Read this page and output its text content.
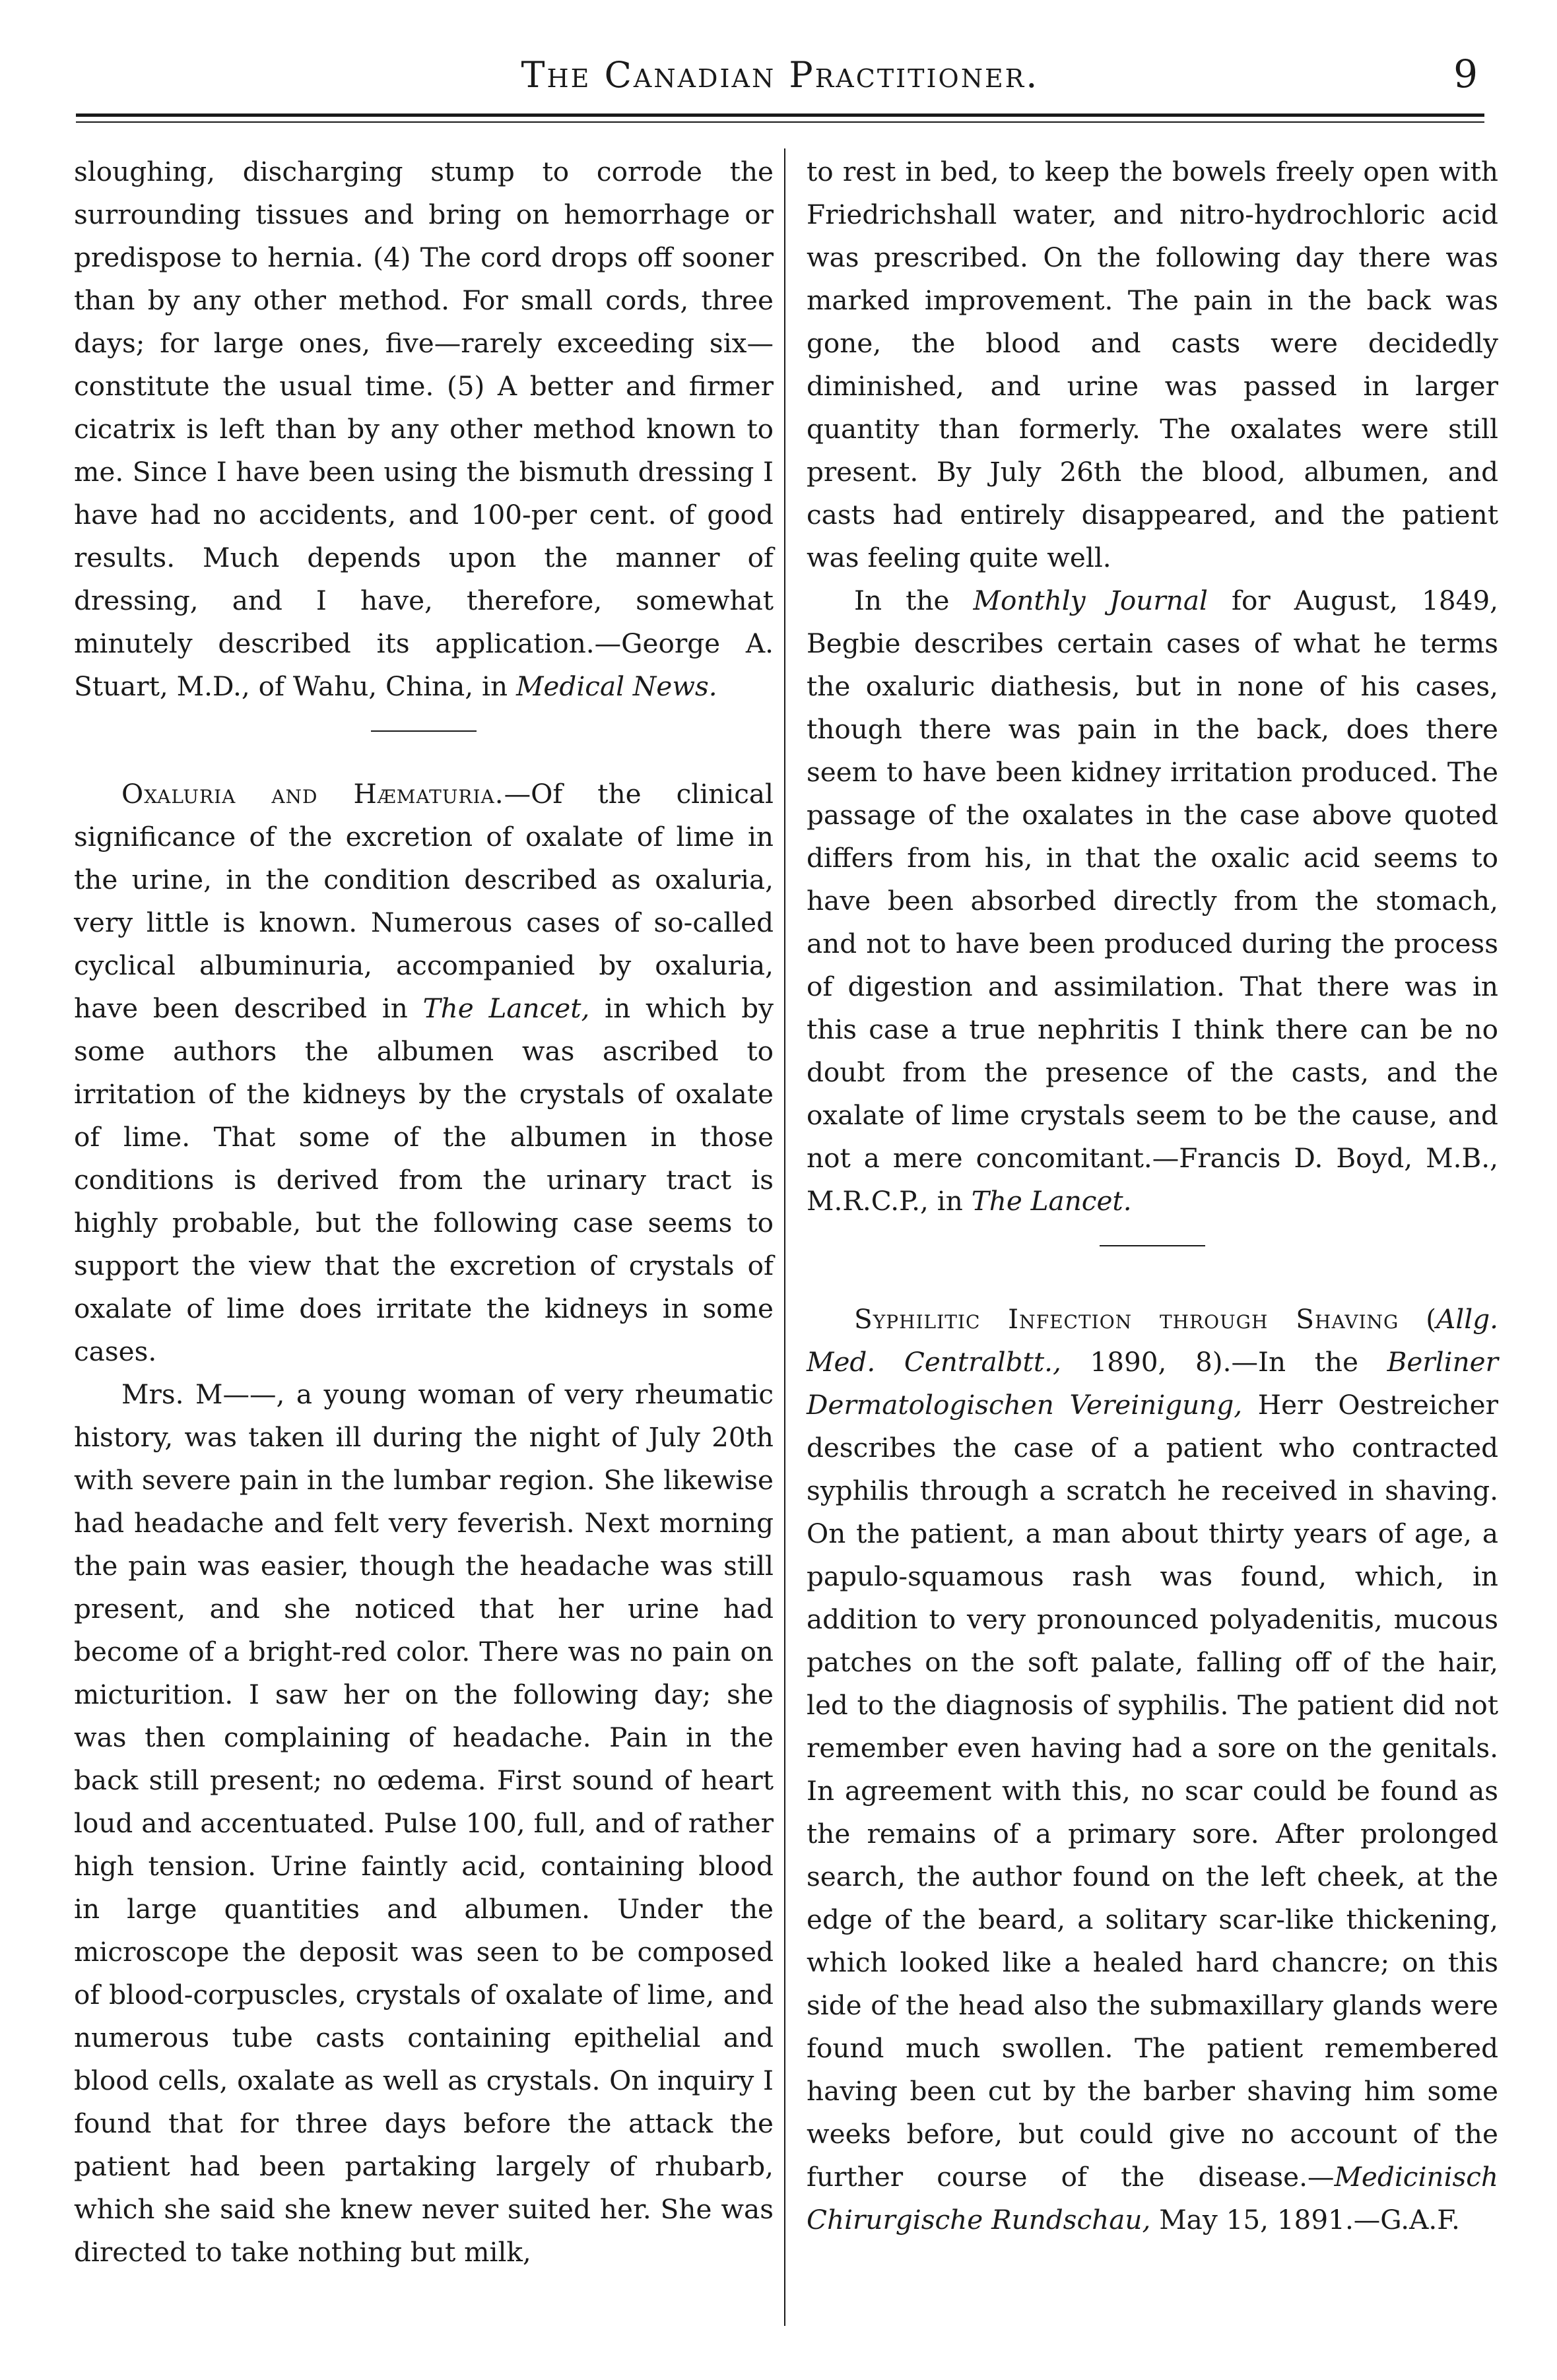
The Canadian Practitioner.	9

sloughing, discharging stump to corrode the surrounding tissues and bring on hemorrhage or predispose to hernia. (4) The cord drops off sooner than by any other method. For small cords, three days; for large ones, five—rarely exceeding six—constitute the usual time. (5) A better and firmer cicatrix is left than by any other method known to me. Since I have been using the bismuth dressing I have had no accidents, and 100-per cent. of good results. Much depends upon the manner of dressing, and I have, therefore, somewhat minutely described its application.—George A. Stuart, M.D., of Wahu, China, in Medical News.

Oxaluria and Hæmaturia.—Of the clinical significance of the excretion of oxalate of lime in the urine, in the condition described as oxaluria, very little is known. Numerous cases of so-called cyclical albuminuria, accompanied by oxaluria, have been described in The Lancet, in which by some authors the albumen was ascribed to irritation of the kidneys by the crystals of oxalate of lime. That some of the albumen in those conditions is derived from the urinary tract is highly probable, but the following case seems to support the view that the excretion of crystals of oxalate of lime does irritate the kidneys in some cases.

Mrs. M——, a young woman of very rheumatic history, was taken ill during the night of July 20th with severe pain in the lumbar region. She likewise had headache and felt very feverish. Next morning the pain was easier, though the headache was still present, and she noticed that her urine had become of a bright-red color. There was no pain on micturition. I saw her on the following day; she was then complaining of headache. Pain in the back still present; no œdema. First sound of heart loud and accentuated. Pulse 100, full, and of rather high tension. Urine faintly acid, containing blood in large quantities and albumen. Under the microscope the deposit was seen to be composed of blood-corpuscles, crystals of oxalate of lime, and numerous tube casts containing epithelial and blood cells, oxalate as well as crystals. On inquiry I found that for three days before the attack the patient had been partaking largely of rhubarb, which she said she knew never suited her. She was directed to take nothing but milk,

to rest in bed, to keep the bowels freely open with Friedrichshall water, and nitro-hydrochloric acid was prescribed. On the following day there was marked improvement. The pain in the back was gone, the blood and casts were decidedly diminished, and urine was passed in larger quantity than formerly. The oxalates were still present. By July 26th the blood, albumen, and casts had entirely disappeared, and the patient was feeling quite well.

In the Monthly Journal for August, 1849, Begbie describes certain cases of what he terms the oxaluric diathesis, but in none of his cases, though there was pain in the back, does there seem to have been kidney irritation produced. The passage of the oxalates in the case above quoted differs from his, in that the oxalic acid seems to have been absorbed directly from the stomach, and not to have been produced during the process of digestion and assimilation. That there was in this case a true nephritis I think there can be no doubt from the presence of the casts, and the oxalate of lime crystals seem to be the cause, and not a mere concomitant.—Francis D. Boyd, M.B., M.R.C.P., in The Lancet.

Syphilitic Infection through Shaving (Allg. Med. Centralbtt., 1890, 8).—In the Berliner Dermatologischen Vereinigung, Herr Oestreicher describes the case of a patient who contracted syphilis through a scratch he received in shaving. On the patient, a man about thirty years of age, a papulo-squamous rash was found, which, in addition to very pronounced polyadenitis, mucous patches on the soft palate, falling off of the hair, led to the diagnosis of syphilis. The patient did not remember even having had a sore on the genitals. In agreement with this, no scar could be found as the remains of a primary sore. After prolonged search, the author found on the left cheek, at the edge of the beard, a solitary scar-like thickening, which looked like a healed hard chancre; on this side of the head also the submaxillary glands were found much swollen. The patient remembered having been cut by the barber shaving him some weeks before, but could give no account of the further course of the disease.—Medicinisch Chirurgische Rundschau, May 15, 1891.—G.A.F.
